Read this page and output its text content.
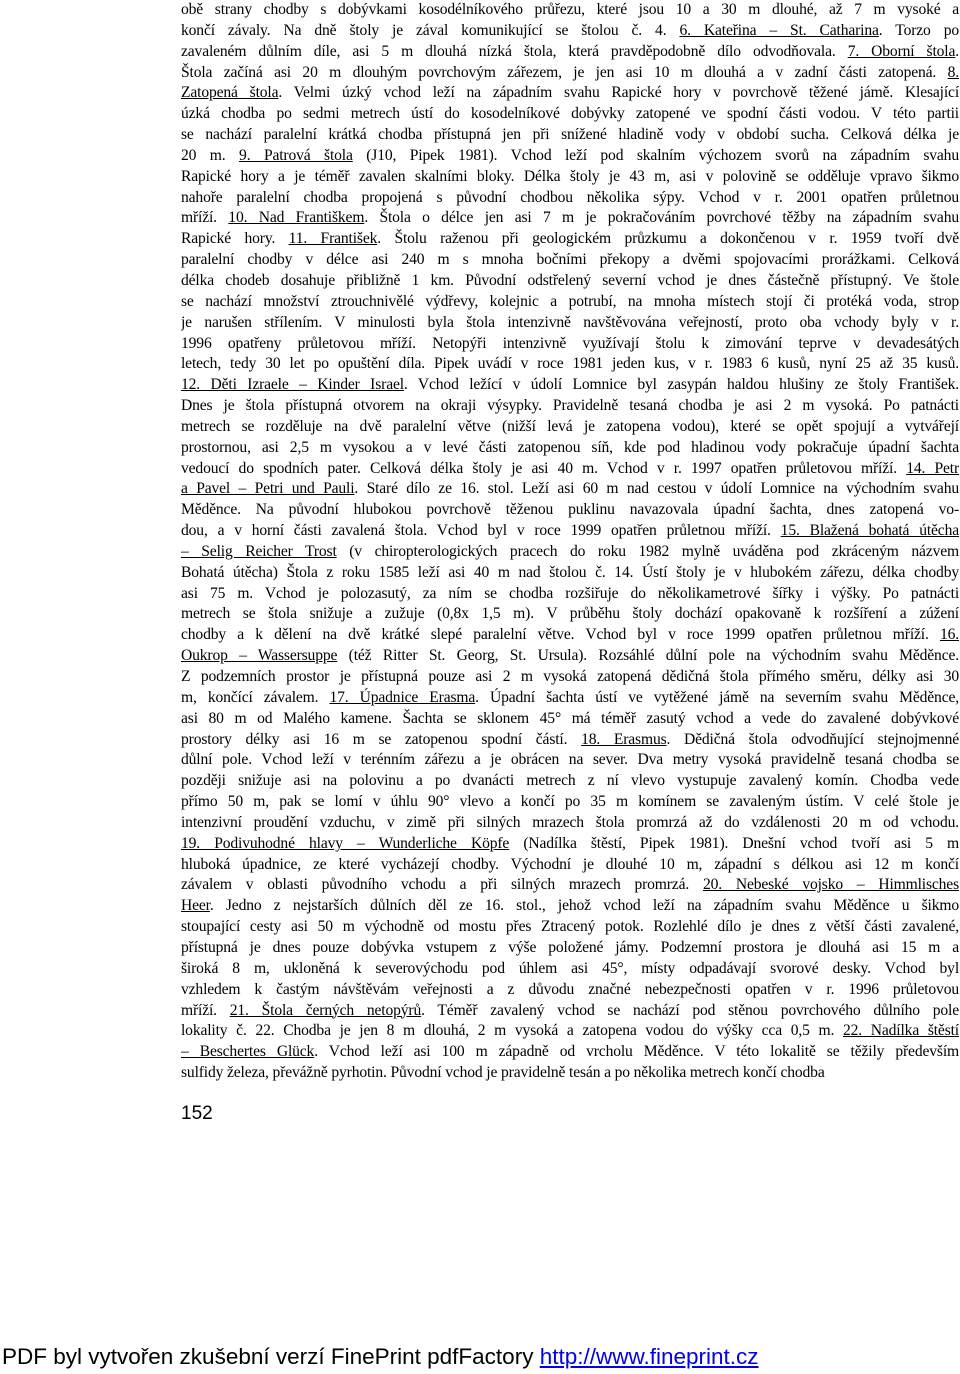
obě strany chodby s dobývkami kosodélníkového průřezu, které jsou 10 a 30 m dlouhé, až 7 m vysoké a
končí závaly. Na dně štoly je zával komunikující se štolou č. 4. 6. Kateřina – St. Catharina. Torzo po
zavaleném důlním díle, asi 5 m dlouhá nízká štola, která pravděpodobně dílo odvodňovala. 7. Oborní štola.
Štola začíná asi 20 m dlouhým povrchovým zářezem, je jen asi 10 m dlouhá a v zadní části zatopená. 8.
Zatopená štola. Velmi úzký vchod leží na západním svahu Rapické hory v povrchově těžené jámě. Klesající
úzká chodba po sedmi metrech ústí do kosodelníkové dobývky zatopené ve spodní části vodou. V této partii
se nachází paralelní krátká chodba přístupná jen při snížené hladině vody v období sucha. Celková délka je
20 m. 9. Patrová štola (J10, Pipek 1981). Vchod leží pod skalním výchozem svorů na západním svahu
Rapické hory a je téměř zavalen skalními bloky. Délka štoly je 43 m, asi v polovině se odděluje vpravo šikmo
nahoře paralelní chodba propojená s původní chodbou několika sýpy. Vchod v r. 2001 opatřen průletnou
mříží. 10. Nad Františkem. Štola o délce jen asi 7 m je pokračováním povrchové těžby na západním svahu
Rapické hory. 11. František. Štolu raženou při geologickém průzkumu a dokončenou v r. 1959 tvoří dvě
paralelní chodby v délce asi 240 m s mnoha bočními překopy a dvěmi spojovacími prorážkami. Celková
délka chodeb dosahuje přibližně 1 km. Původní odstřelený severní vchod je dnes částečně přístupný. Ve štole
se nachází množství ztrouchnivělé výdřevy, kolejnic a potrubí, na mnoha místech stojí či protéká voda, strop
je narušen střílením. V minulosti byla štola intenzivně navštěvována veřejností, proto oba vchody byly v r.
1996 opatřeny průletovou mříží. Netopýři intenzivně využívají štolu k zimování teprve v devadesátých
letech, tedy 30 let po opuštění díla. Pipek uvádí v roce 1981 jeden kus, v r. 1983 6 kusů, nyní 25 až 35 kusů.
12. Děti Izraele – Kinder Israel. Vchod ležící v údolí Lomnice byl zasypán haldou hlušiny ze štoly František.
Dnes je štola přístupná otvorem na okraji výsypky. Pravidelně tesaná chodba je asi 2 m vysoká. Po patnácti
metrech se rozděluje na dvě paralelní větve (nižší levá je zatopena vodou), které se opět spojují a vytvářejí
prostornou, asi 2,5 m vysokou a v levé části zatopenou síň, kde pod hladinou vody pokračuje úpadní šachta
vedoucí do spodních pater. Celková délka štoly je asi 40 m. Vchod v r. 1997 opatřen průletovou mříží. 14. Petr
a Pavel – Petri und Pauli. Staré dílo ze 16. stol. Leží asi 60 m nad cestou v údolí Lomnice na východním svahu
Měděnce. Na původní hlubokou povrchově těženou puklinu navazovala úpadní šachta, dnes zatopená vo-
dou, a v horní části zavalená štola. Vchod byl v roce 1999 opatřen průletnou mříží. 15. Blažená bohatá útěcha
– Selig Reicher Trost (v chiropterologických pracech do roku 1982 mylně uváděna pod zkráceným názvem
Bohatá útěcha) Štola z roku 1585 leží asi 40 m nad štolou č. 14. Ústí štoly je v hlubokém zářezu, délka chodby
asi 75 m. Vchod je polozasutý, za ním se chodba rozšiřuje do několikametrové šířky i výšky. Po patnácti
metrech se štola snižuje a zužuje (0,8x 1,5 m). V průběhu štoly dochází opakovaně k rozšíření a zúžení
chodby a k dělení na dvě krátké slepé paralelní větve. Vchod byl v roce 1999 opatřen průletnou mříží. 16.
Oukrop – Wassersuppe (též Ritter St. Georg, St. Ursula). Rozsáhlé důlní pole na východním svahu Měděnce.
Z podzemních prostor je přístupná pouze asi 2 m vysoká zatopená dědičná štola přímého směru, délky asi 30
m, končící závalem. 17. Úpadnice Erasma. Úpadní šachta ústí ve vytěžené jámě na severním svahu Měděnce,
asi 80 m od Malého kamene. Šachta se sklonem 45° má téměř zasutý vchod a vede do zavalené dobývkové
prostory délky asi 16 m se zatopenou spodní částí. 18. Erasmus. Dědičná štola odvodňující stejnojmenné
důlní pole. Vchod leží v terénním zářezu a je obrácen na sever. Dva metry vysoká pravidelně tesaná chodba se
později snižuje asi na polovinu a po dvanácti metrech z ní vlevo vystupuje zavalený komín. Chodba vede
přímo 50 m, pak se lomí v úhlu 90° vlevo a končí po 35 m komínem se zavaleným ústím. V celé štole je
intenzivní proudění vzduchu, v zimě při silných mrazech štola promrzá až do vzdálenosti 20 m od vchodu.
19. Podivuhodné hlavy – Wunderliche Köpfe (Nadílka štěstí, Pipek 1981). Dnešní vchod tvoří asi 5 m
hluboká úpadnice, ze které vycházejí chodby. Východní je dlouhé 10 m, západní s délkou asi 12 m končí
závalem v oblasti původního vchodu a při silných mrazech promrzá. 20. Nebeské vojsko – Himmlisches
Heer. Jedno z nejstarších důlních děl ze 16. stol., jehož vchod leží na západním svahu Měděnce u šikmo
stoupající cesty asi 50 m východně od mostu přes Ztracený potok. Rozlehlé dílo je dnes z větší části zavalené,
přístupná je dnes pouze dobývka vstupem z výše položené jámy. Podzemní prostora je dlouhá asi 15 m a
široká 8 m, ukloněná k severovýchodu pod úhlem asi 45°, místy odpadávají svorové desky. Vchod byl
vzhledem k častým návštěvám veřejnosti a z důvodu značné nebezpečnosti opatřen v r. 1996 průletovou
mříží. 21. Štola černých netopýrů. Téměř zavalený vchod se nachází pod stěnou povrchového důlního pole
lokality č. 22. Chodba je jen 8 m dlouhá, 2 m vysoká a zatopena vodou do výšky cca 0,5 m. 22. Nadílka štěstí
– Beschertes Glück. Vchod leží asi 100 m západně od vrcholu Měděnce. V této lokalitě se těžily především
sulfidy železa, převážně pyrhotin. Původní vchod je pravidelně tesán a po několika metrech končí chodba
152
PDF byl vytvořen zkušební verzí FinePrint pdfFactory http://www.fineprint.cz
